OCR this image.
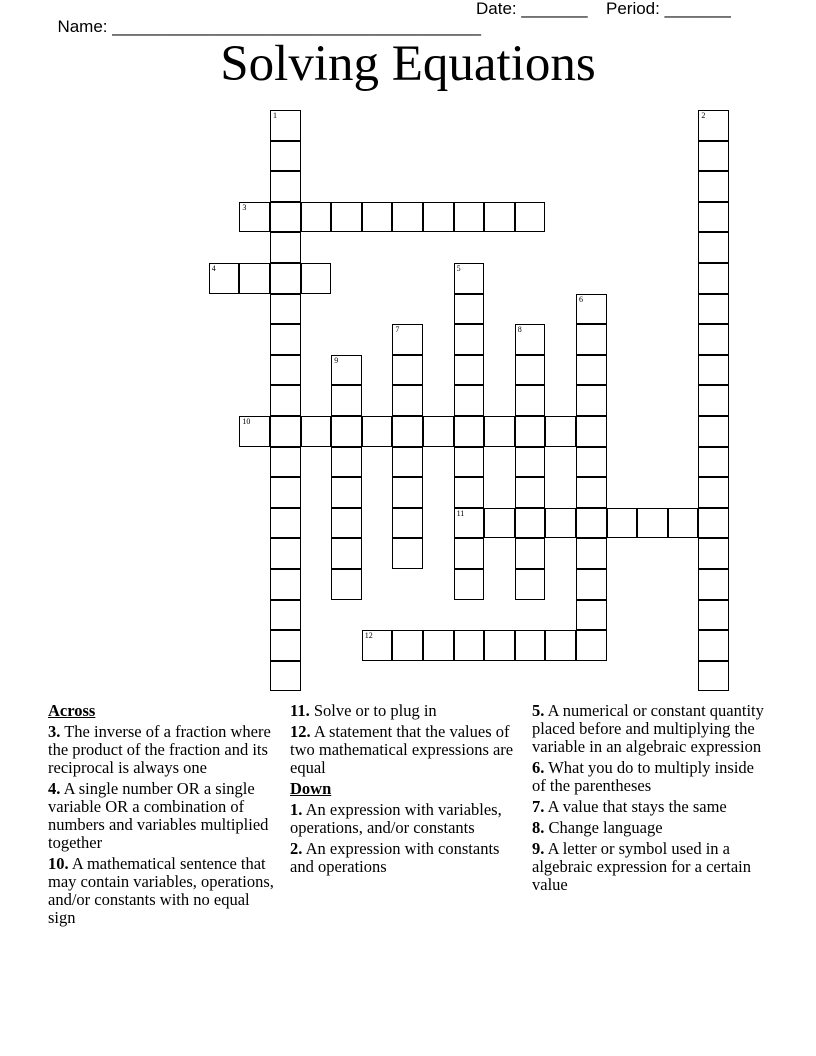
Name: _______________________________________

Date: _______

Period: _______

Solving Equations
1	2
3
4	5
6
7	8
9
10
11
12
Across
3. The inverse of a fraction where the product of the fraction and its reciprocal is always one
4. A single number OR a single variable OR a combination of numbers and variables multiplied together
10. A mathematical sentence that may contain variables, operations, and/or constants with no equal sign
11. Solve or to plug in
12. A statement that the values of two mathematical expressions are equal
Down
1. An expression with variables, operations, and/or constants
2. An expression with constants and operations
5. A numerical or constant quantity placed before and multiplying the variable in an algebraic expression
6. What you do to multiply inside of the parentheses
7. A value that stays the same
8. Change language
9. A letter or symbol used in a algebraic expression for a certain value
